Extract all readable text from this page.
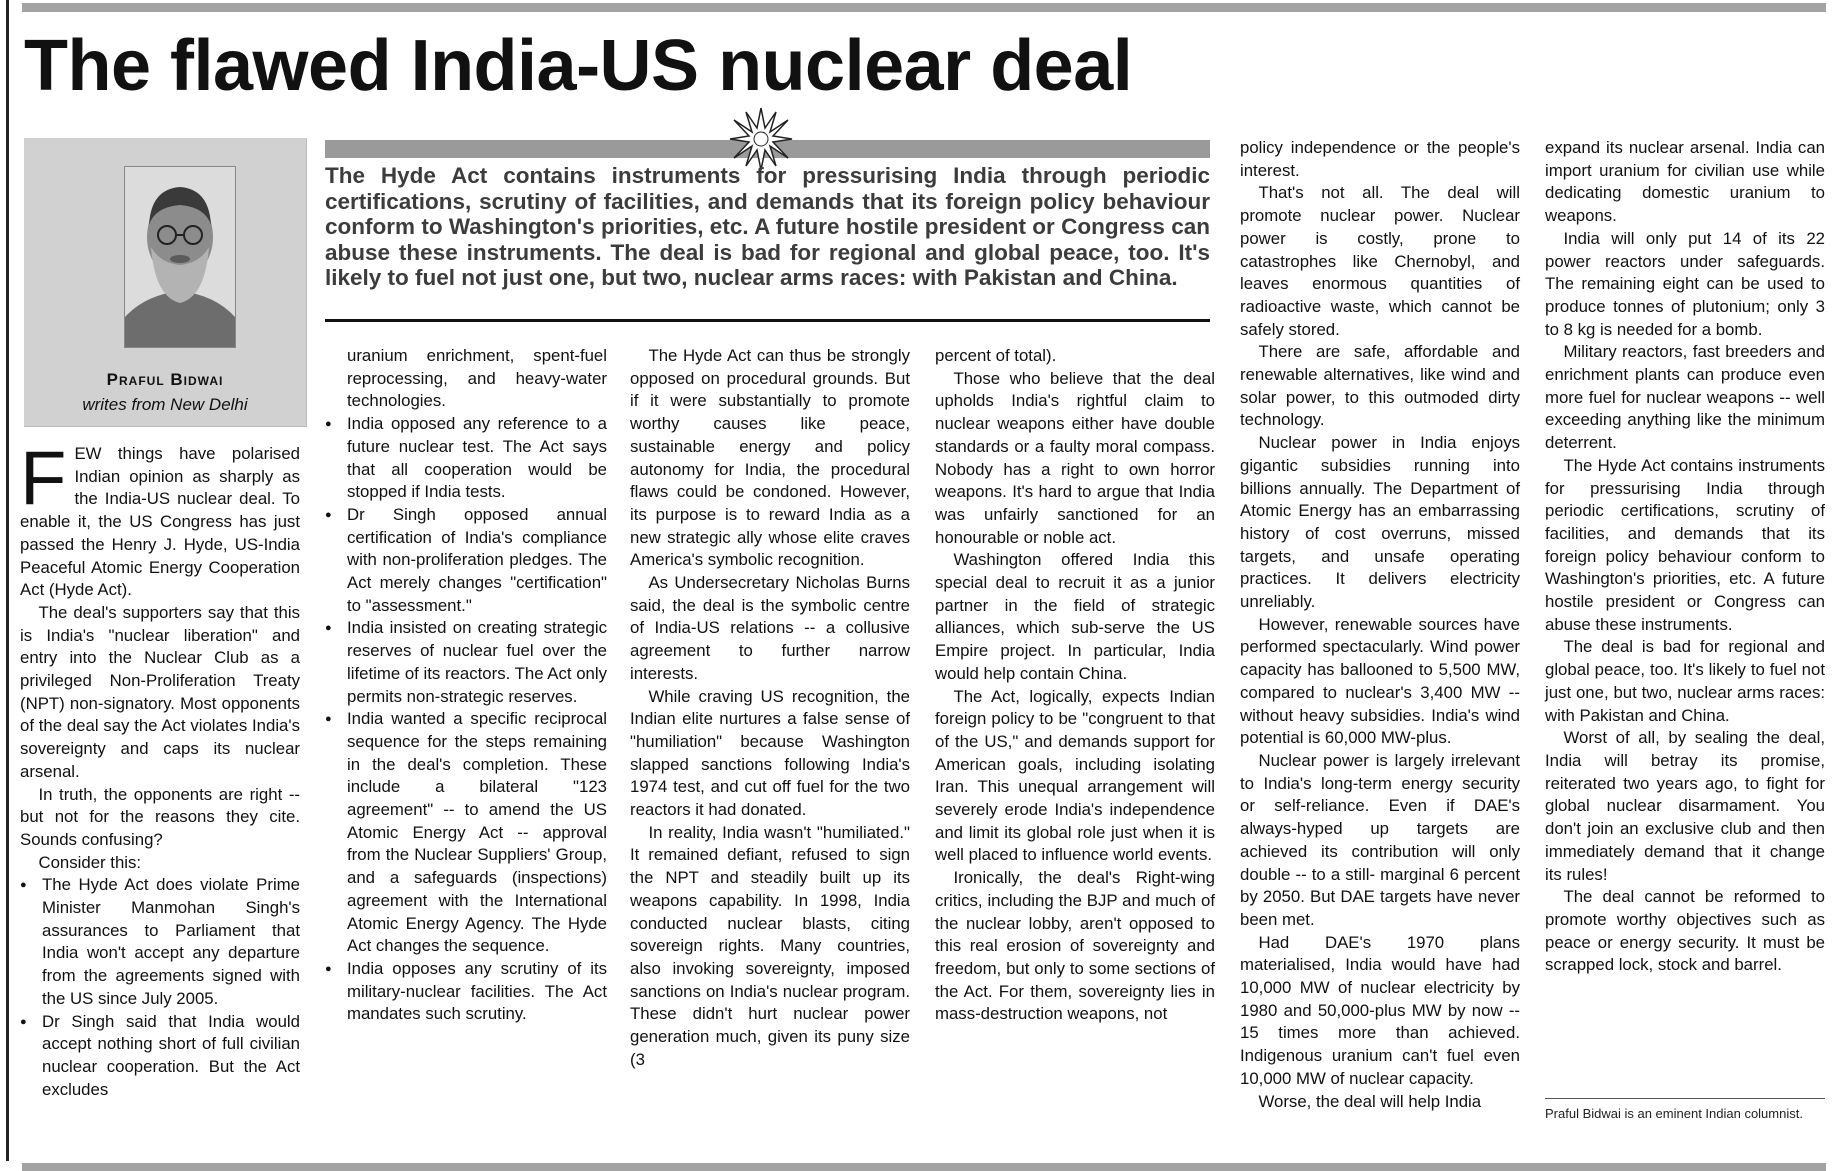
The flawed India-US nuclear deal
Praful Bidwai
writes from New Delhi

The Hyde Act contains instruments for pressurising India through periodic certifications, scrutiny of facilities, and demands that its foreign policy behaviour conform to Washington's priorities, etc. A future hostile president or Congress can abuse these instruments. The deal is bad for regional and global peace, too. It's likely to fuel not just one, but two, nuclear arms races: with Pakistan and China.

FEW things have polarised Indian opinion as sharply as the India-US nuclear deal. To enable it, the US Congress has just passed the Henry J. Hyde, US-India Peaceful Atomic Energy Cooperation Act (Hyde Act).

The deal's supporters say that this is India's "nuclear liberation" and entry into the Nuclear Club as a privileged Non-Proliferation Treaty (NPT) non-signatory. Most opponents of the deal say the Act violates India's sovereignty and caps its nuclear arsenal.

In truth, the opponents are right -- but not for the reasons they cite. Sounds confusing?

Consider this:

● The Hyde Act does violate Prime Minister Manmohan Singh's assurances to Parliament that India won't accept any departure from the agreements signed with the US since July 2005.

● Dr Singh said that India would accept nothing short of full civilian nuclear cooperation. But the Act excludes

uranium enrichment, spent-fuel reprocessing, and heavy-water technologies.

● India opposed any reference to a future nuclear test. The Act says that all cooperation would be stopped if India tests.

● Dr Singh opposed annual certification of India's compliance with non-proliferation pledges. The Act merely changes "certification" to "assessment."

● India insisted on creating strategic reserves of nuclear fuel over the lifetime of its reactors. The Act only permits non-strategic reserves.

● India wanted a specific reciprocal sequence for the steps remaining in the deal's completion. These include a bilateral "123 agreement" -- to amend the US Atomic Energy Act -- approval from the Nuclear Suppliers' Group, and a safeguards (inspections) agreement with the International Atomic Energy Agency. The Hyde Act changes the sequence.

● India opposes any scrutiny of its military-nuclear facilities. The Act mandates such scrutiny.

The Hyde Act can thus be strongly opposed on procedural grounds. But if it were substantially to promote worthy causes like peace, sustainable energy and policy autonomy for India, the procedural flaws could be condoned. However, its purpose is to reward India as a new strategic ally whose elite craves America's symbolic recognition.

As Undersecretary Nicholas Burns said, the deal is the symbolic centre of India-US relations -- a collusive agreement to further narrow interests.

While craving US recognition, the Indian elite nurtures a false sense of "humiliation" because Washington slapped sanctions following India's 1974 test, and cut off fuel for the two reactors it had donated.

In reality, India wasn't "humiliated." It remained defiant, refused to sign the NPT and steadily built up its weapons capability. In 1998, India conducted nuclear blasts, citing sovereign rights. Many countries, also invoking sovereignty, imposed sanctions on India's nuclear program. These didn't hurt nuclear power generation much, given its puny size (3

percent of total).

Those who believe that the deal upholds India's rightful claim to nuclear weapons either have double standards or a faulty moral compass. Nobody has a right to own horror weapons. It's hard to argue that India was unfairly sanctioned for an honourable or noble act.

Washington offered India this special deal to recruit it as a junior partner in the field of strategic alliances, which sub-serve the US Empire project. In particular, India would help contain China.

The Act, logically, expects Indian foreign policy to be "congruent to that of the US," and demands support for American goals, including isolating Iran. This unequal arrangement will severely erode India's independence and limit its global role just when it is well placed to influence world events.

Ironically, the deal's Right-wing critics, including the BJP and much of the nuclear lobby, aren't opposed to this real erosion of sovereignty and freedom, but only to some sections of the Act. For them, sovereignty lies in mass-destruction weapons, not

policy independence or the people's interest.

That's not all. The deal will promote nuclear power. Nuclear power is costly, prone to catastrophes like Chernobyl, and leaves enormous quantities of radioactive waste, which cannot be safely stored.

There are safe, affordable and renewable alternatives, like wind and solar power, to this outmoded dirty technology.

Nuclear power in India enjoys gigantic subsidies running into billions annually. The Department of Atomic Energy has an embarrassing history of cost overruns, missed targets, and unsafe operating practices. It delivers electricity unreliably.

However, renewable sources have performed spectacularly. Wind power capacity has ballooned to 5,500 MW, compared to nuclear's 3,400 MW -- without heavy subsidies. India's wind potential is 60,000 MW-plus.

Nuclear power is largely irrelevant to India's long-term energy security or self-reliance. Even if DAE's always-hyped up targets are achieved its contribution will only double -- to a still- marginal 6 percent by 2050. But DAE targets have never been met.

Had DAE's 1970 plans materialised, India would have had 10,000 MW of nuclear electricity by 1980 and 50,000-plus MW by now -- 15 times more than achieved. Indigenous uranium can't fuel even 10,000 MW of nuclear capacity.

Worse, the deal will help India

expand its nuclear arsenal. India can import uranium for civilian use while dedicating domestic uranium to weapons.

India will only put 14 of its 22 power reactors under safeguards. The remaining eight can be used to produce tonnes of plutonium; only 3 to 8 kg is needed for a bomb.

Military reactors, fast breeders and enrichment plants can produce even more fuel for nuclear weapons -- well exceeding anything like the minimum deterrent.

The Hyde Act contains instruments for pressurising India through periodic certifications, scrutiny of facilities, and demands that its foreign policy behaviour conform to Washington's priorities, etc. A future hostile president or Congress can abuse these instruments.

The deal is bad for regional and global peace, too. It's likely to fuel not just one, but two, nuclear arms races: with Pakistan and China.

Worst of all, by sealing the deal, India will betray its promise, reiterated two years ago, to fight for global nuclear disarmament. You don't join an exclusive club and then immediately demand that it change its rules!

The deal cannot be reformed to promote worthy objectives such as peace or energy security. It must be scrapped lock, stock and barrel.

Praful Bidwai is an eminent Indian columnist.
